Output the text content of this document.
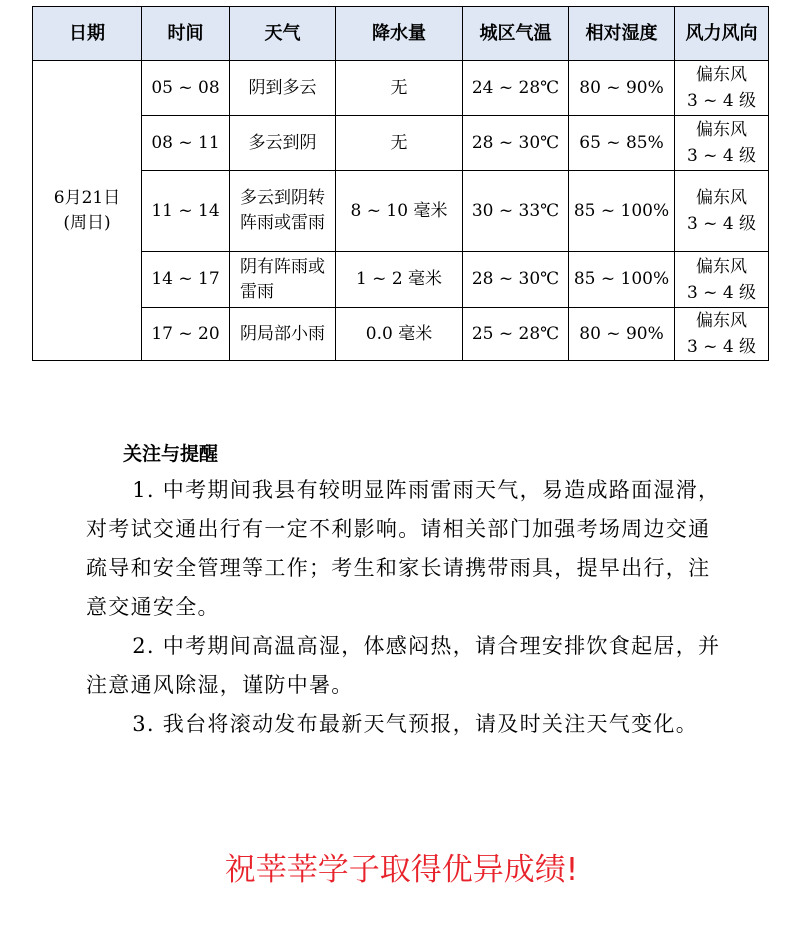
日期	时间	天气	降水量	城区气温	相对湿度	风力风向

6月21日
(周日)	05 ~ 08	阴到多云	无	24 ~ 28℃	80 ~ 90%	偏东风
3 ~ 4 级

	08 ~ 11	多云到阴	无	28 ~ 30℃	65 ~ 85%	偏东风
3 ~ 4 级

	11 ~ 14	多云到阴转阵雨或雷雨	8 ~ 10 毫米	30 ~ 33℃	85 ~ 100%	偏东风
3 ~ 4 级

	14 ~ 17	阴有阵雨或雷雨	1 ~ 2 毫米	28 ~ 30℃	85 ~ 100%	偏东风
3 ~ 4 级

	17 ~ 20	阴局部小雨	0.0 毫米	25 ~ 28℃	80 ~ 90%	偏东风
3 ~ 4 级
关注与提醒

1. 中考期间我县有较明显阵雨雷雨天气，易造成路面湿滑，对考试交通出行有一定不利影响。请相关部门加强考场周边交通疏导和安全管理等工作；考生和家长请携带雨具，提早出行，注意交通安全。

2. 中考期间高温高湿，体感闷热，请合理安排饮食起居，并注意通风除湿，谨防中暑。

3. 我台将滚动发布最新天气预报，请及时关注天气变化。

祝莘莘学子取得优异成绩!
